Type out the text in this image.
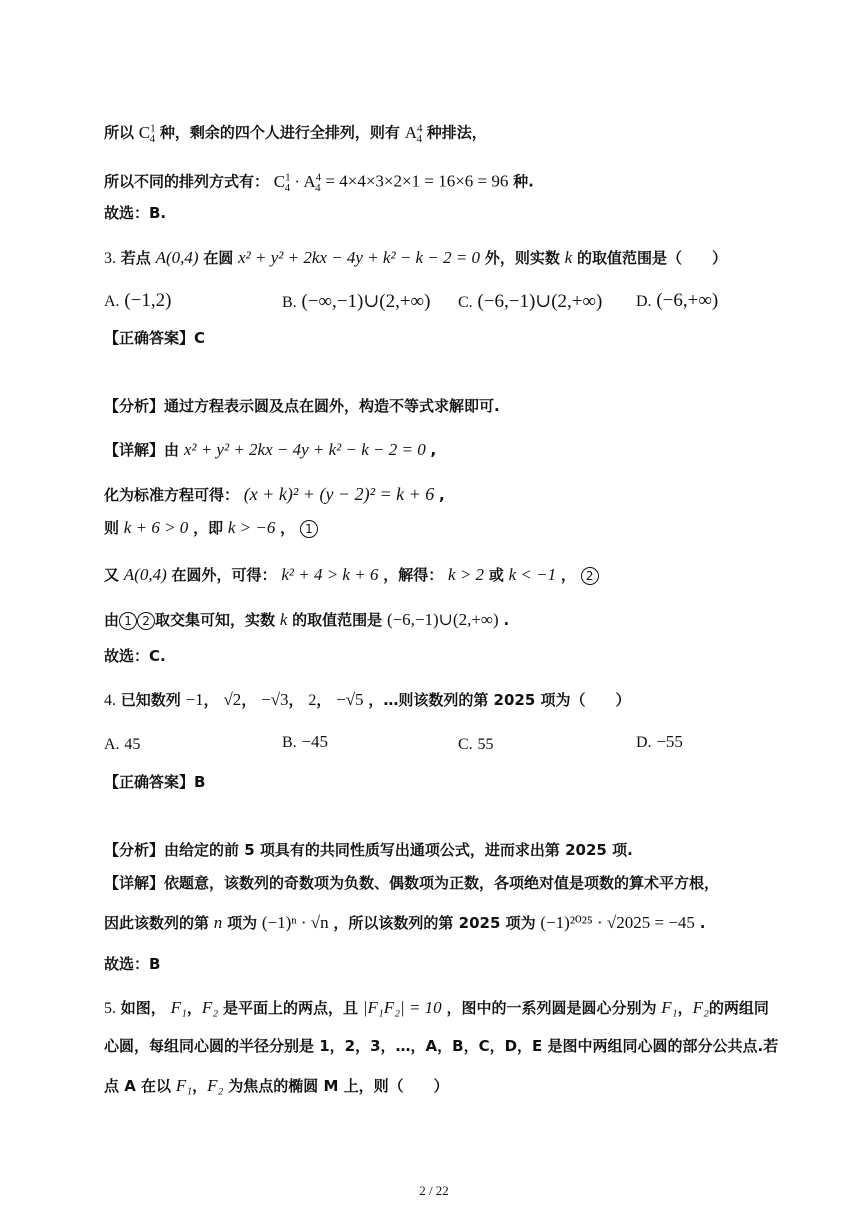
所以 $C^1_4$ 种，剩余的四个人进行全排列，则有 $A^4_4$ 种排法，
所以不同的排列方式有： $C^1_4 \cdot A^4_4 = 4\times 4\times 3\times 2\times 1 = 16\times 6 = 96$ 种.
故选：B.
3. 若点 A(0,4) 在圆 x² + y² + 2kx − 4y + k² − k − 2 = 0 外，则实数 k 的取值范围是（　　）
A. (−1,2)	B. (−∞,−1)∪(2,+∞) C. (−6,−1)∪(2,+∞) D. (−6,+∞)
【正确答案】C
【分析】通过方程表示圆及点在圆外，构造不等式求解即可.
【详解】由 x² + y² + 2kx − 4y + k² − k − 2 = 0 ,
化为标准方程可得： (x + k)² + (y − 2)² = k + 6 ,
则 k + 6 > 0 ，即 k > −6 ， 1
又 A(0,4) 在圆外，可得： k² + 4 > k + 6 ，解得： k > 2 或 k < −1 ， 2
由 1 2 取交集可知，实数 k 的取值范围是 (−6,−1)∪(2,+∞) .
故选：C.
4. 已知数列 −1， √2， −√3， 2， −√5 ，…则该数列的第 2025 项为（　　）
A. 45	B. −45	C. 55	D. −55
【正确答案】B
【分析】由给定的前 5 项具有的共同性质写出通项公式，进而求出第 2025 项.
【详解】依题意，该数列的奇数项为负数、偶数项为正数，各项绝对值是项数的算术平方根，
因此该数列的第 n 项为 (−1)ⁿ · √n ，所以该数列的第 2025 项为 (−1)²⁰²⁵ · √2025 = −45 .
故选：B
5. 如图， F₁，F₂ 是平面上的两点，且 |F₁F₂| = 10 ，图中的一系列圆是圆心分别为 F₁，F₂的两组同
心圆，每组同心圆的半径分别是 1，2，3，…，A，B，C，D，E 是图中两组同心圆的部分公共点.若
点 A 在以 F₁，F₂ 为焦点的椭圆 M 上，则（　　）
2 / 22
